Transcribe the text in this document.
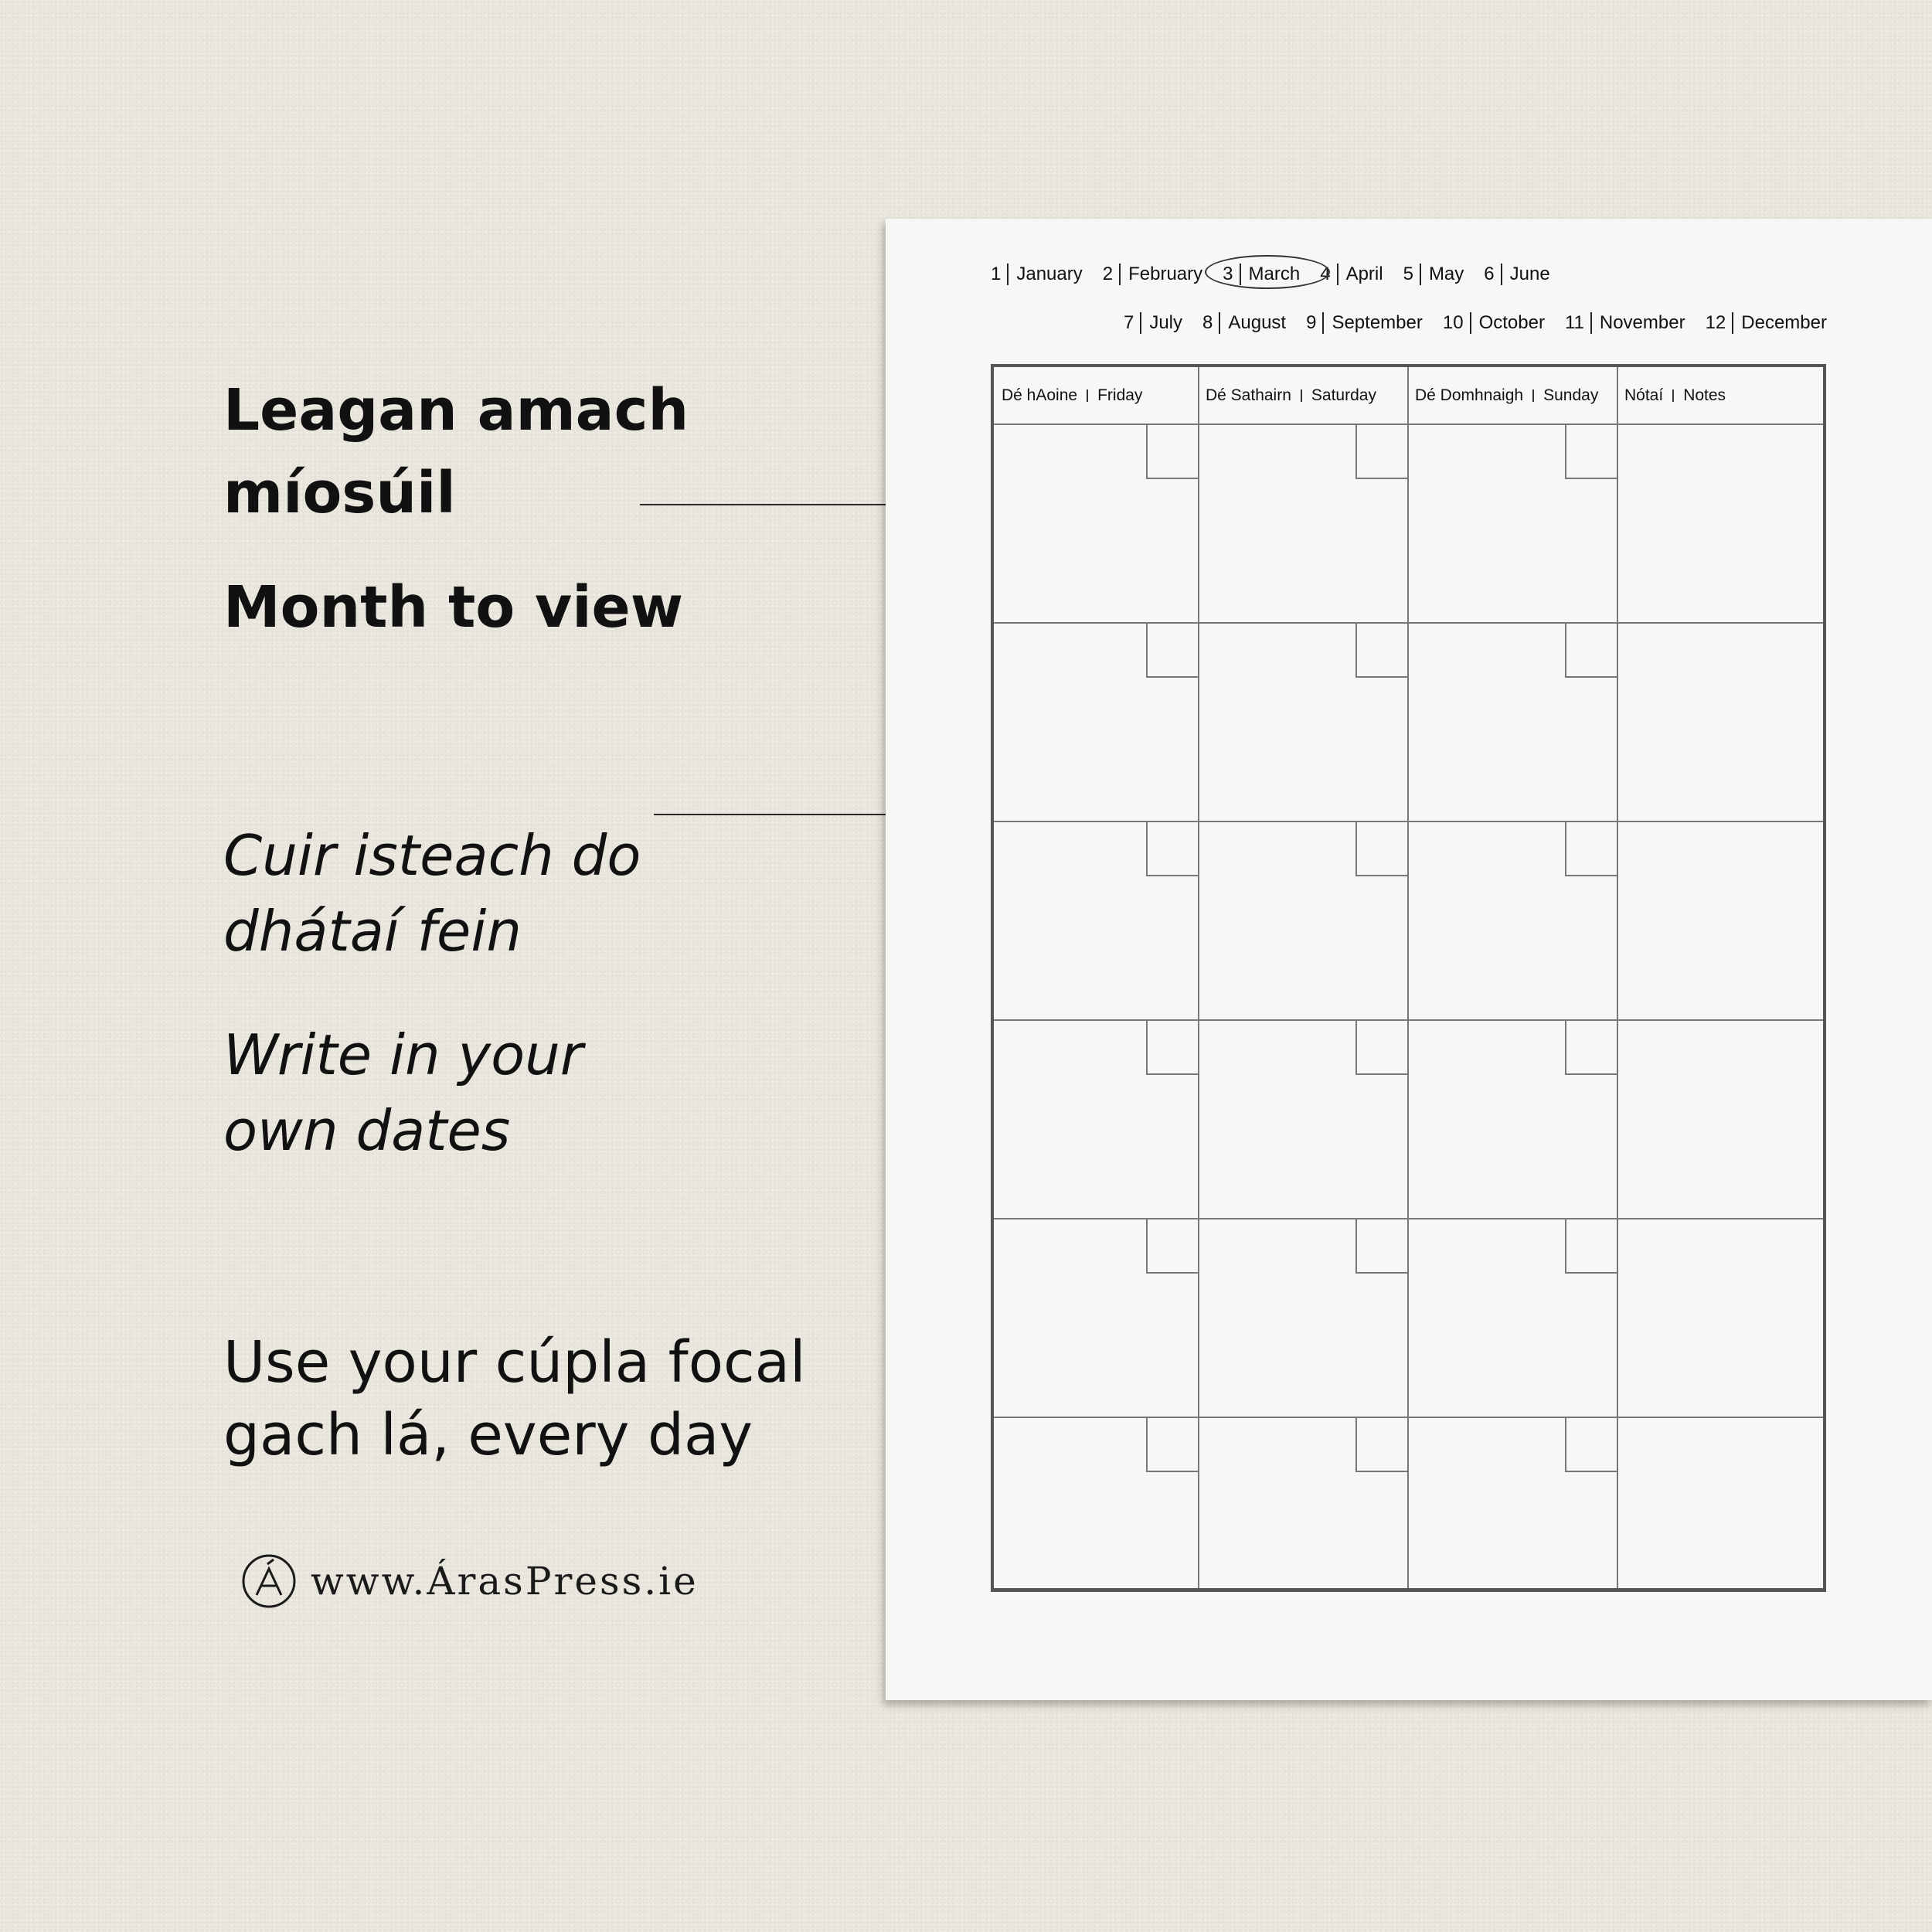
Leagan amach
míosúil
Month to view

Cuir isteach do
dhátaí fein

Write in your
own dates

Use your cúpla focal
gach lá, every day

www.ÁrasPress.ie
1 January 2 February 3 March 4 April 5 May 6 June
7 July 8 August 9 September 10 October 11 November 12 December
Dé hAoine Friday	Dé Sathairn Saturday Dé Domhnaigh Sunday Nótaí Notes
